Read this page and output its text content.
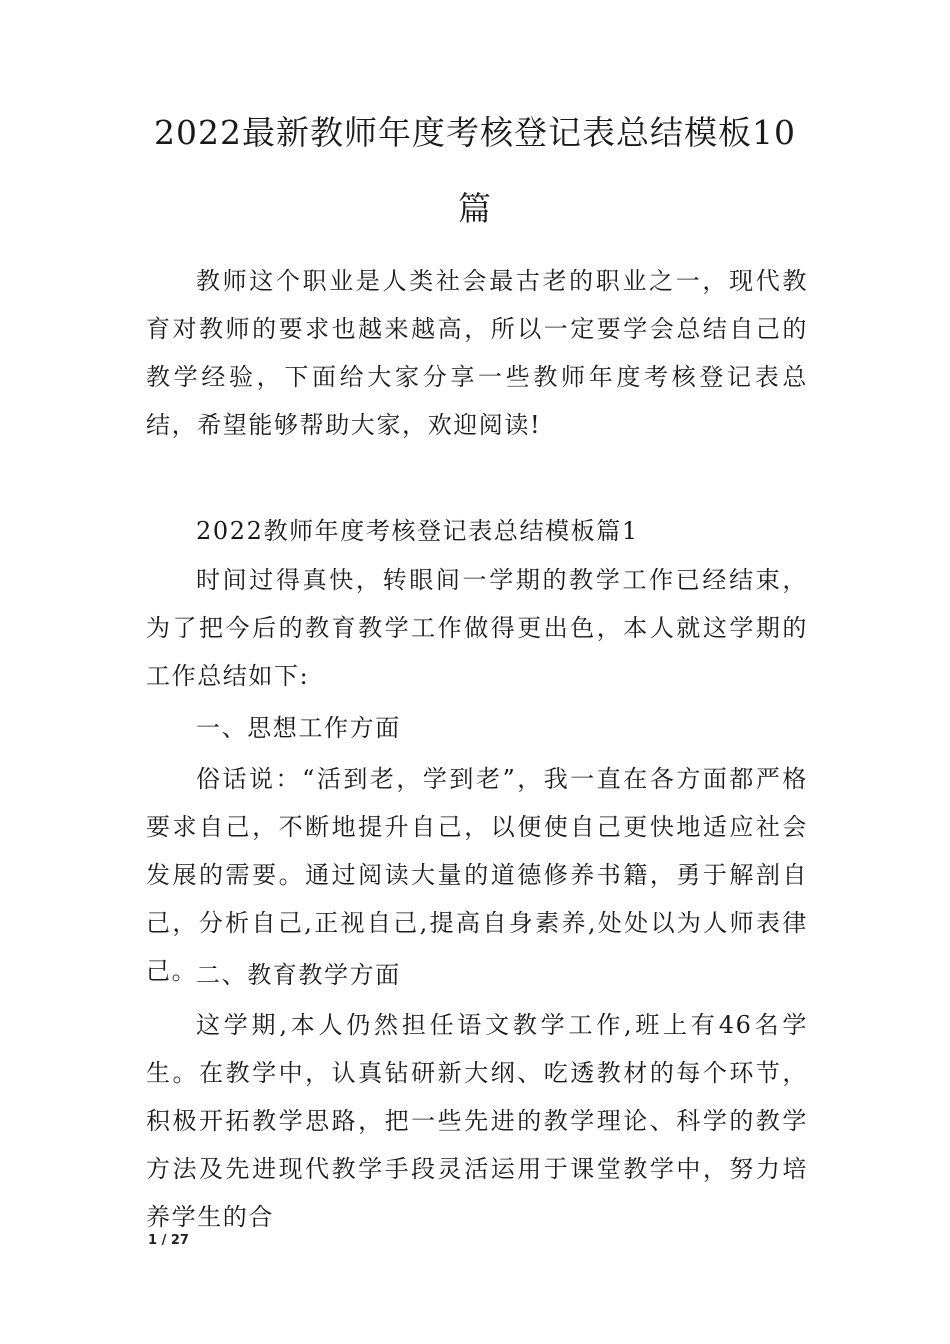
2022最新教师年度考核登记表总结模板10
篇

教师这个职业是人类社会最古老的职业之一，现代教育对教师的要求也越来越高，所以一定要学会总结自己的教学经验，下面给大家分享一些教师年度考核登记表总结，希望能够帮助大家，欢迎阅读!

2022教师年度考核登记表总结模板篇1

时间过得真快，转眼间一学期的教学工作已经结束，为了把今后的教育教学工作做得更出色，本人就这学期的工作总结如下:

一、思想工作方面

俗话说：“活到老，学到老”，我一直在各方面都严格要求自己，不断地提升自己，以便使自己更快地适应社会发展的需要。通过阅读大量的道德修养书籍，勇于解剖自己，分析自己,正视自己,提高自身素养,处处以为人师表律己。

二、教育教学方面

这学期,本人仍然担任语文教学工作,班上有46名学生。在教学中，认真钻研新大纲、吃透教材的每个环节，积极开拓教学思路，把一些先进的教学理论、科学的教学方法及先进现代教学手段灵活运用于课堂教学中，努力培养学生的合

1 / 27
